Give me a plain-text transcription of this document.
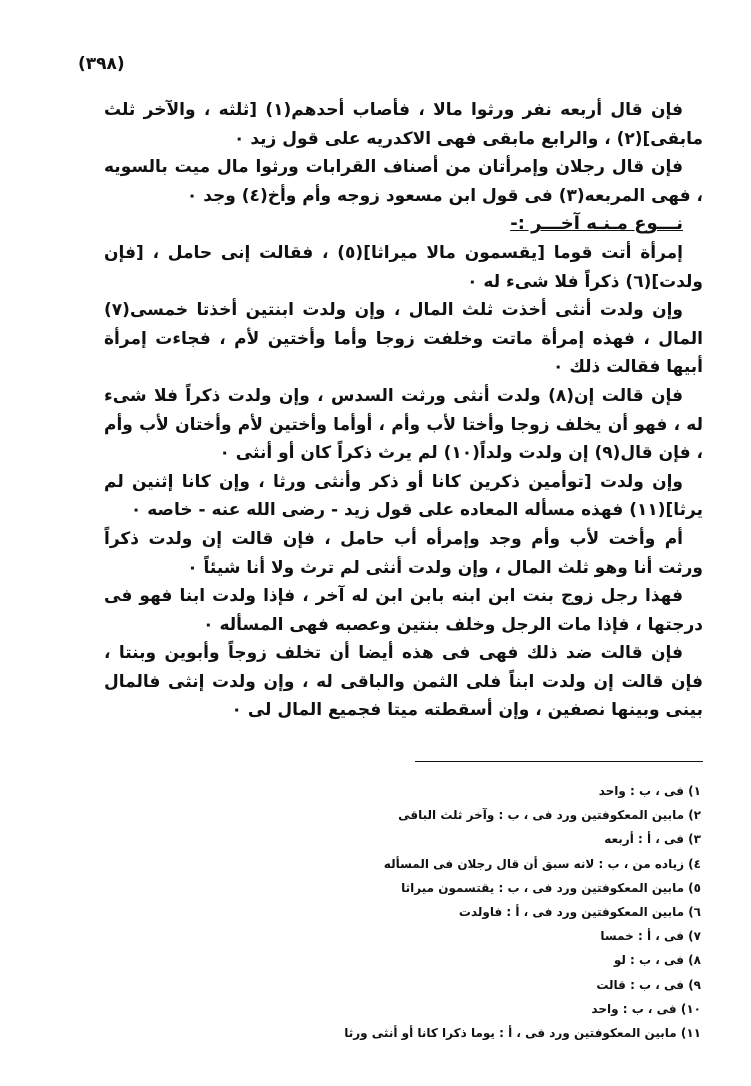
(٣٩٨)

فإن قال أربعه نفر ورثوا مالا ، فأصاب أحدهم(١) [ثلثه ، والآخر ثلث مابقى](٢) ، والرابع مابقى فهى الاكدريه على قول زيد ٠

فإن قال رجلان وإمرأتان من أصناف القرابات ورثوا مال ميت بالسويه ، فهى المربعه(٣) فى قول ابن مسعود زوجه وأم وأخ(٤) وجد ٠

نـــوع مـنـه آخـــر :-

إمرأة أتت قوما [يقسمون مالا ميراثا](٥) ، فقالت إنى حامل ، [فإن ولدت](٦) ذكراً فلا شىء له ٠

وإن ولدت أنثى أخذت ثلث المال ، وإن ولدت ابنتين أخذتا خمسى(٧) المال ، فهذه إمرأة ماتت وخلفت زوجا وأما وأختين لأم ، فجاءت إمرأة أبيها فقالت ذلك ٠

فإن قالت إن(٨) ولدت أنثى ورثت السدس ، وإن ولدت ذكراً فلا شىء له ، فهو أن يخلف زوجا وأختا لأب وأم ، أوأما وأختين لأم وأختان لأب وأم ، فإن قال(٩) إن ولدت ولداً(١٠) لم يرث ذكراً كان أو أنثى ٠

وإن ولدت [توأمين ذكرين كانا أو ذكر وأنثى ورثا ، وإن كانا إثنين لم يرثا](١١) فهذه مسأله المعاده على قول زيد - رضى الله عنه - خاصه ٠

أم وأخت لأب وأم وجد وإمرأه أب حامل ، فإن قالت إن ولدت ذكراً ورثت أنا وهو ثلث المال ، وإن ولدت أنثى لم ترث ولا أنا شيئاً ٠

فهذا رجل زوج بنت ابن ابنه بابن ابن له آخر ، فإذا ولدت ابنا فهو فى درجتها ، فإذا مات الرجل وخلف بنتين وعصبه فهى المسأله ٠

فإن قالت ضد ذلك فهى فى هذه أيضا أن تخلف زوجاً وأبوين وبنتا ، فإن قالت إن ولدت ابناً فلى الثمن والباقى له ، وإن ولدت إنثى فالمال بينى وبينها نصفين ، وإن أسقطته ميتا فجميع المال لى ٠

١) فى ، ب : واحد
٢) مابين المعكوفتين ورد فى ، ب : وآخر ثلث الباقى
٣) فى ، أ : أربعه
٤) زياده من ، ب : لانه سبق أن قال رجلان فى المسأله
٥) مابين المعكوفتين ورد فى ، ب : يقتسمون ميراثا
٦) مابين المعكوفتين ورد فى ، أ : فاولدت
٧) فى ، أ : خمسا
٨) فى ، ب : لو
٩) فى ، ب : قالت
١٠) فى ، ب : واحد
١١) مابين المعكوفتين ورد فى ، أ : يوما ذكرا كانا أو أنثى ورثا
